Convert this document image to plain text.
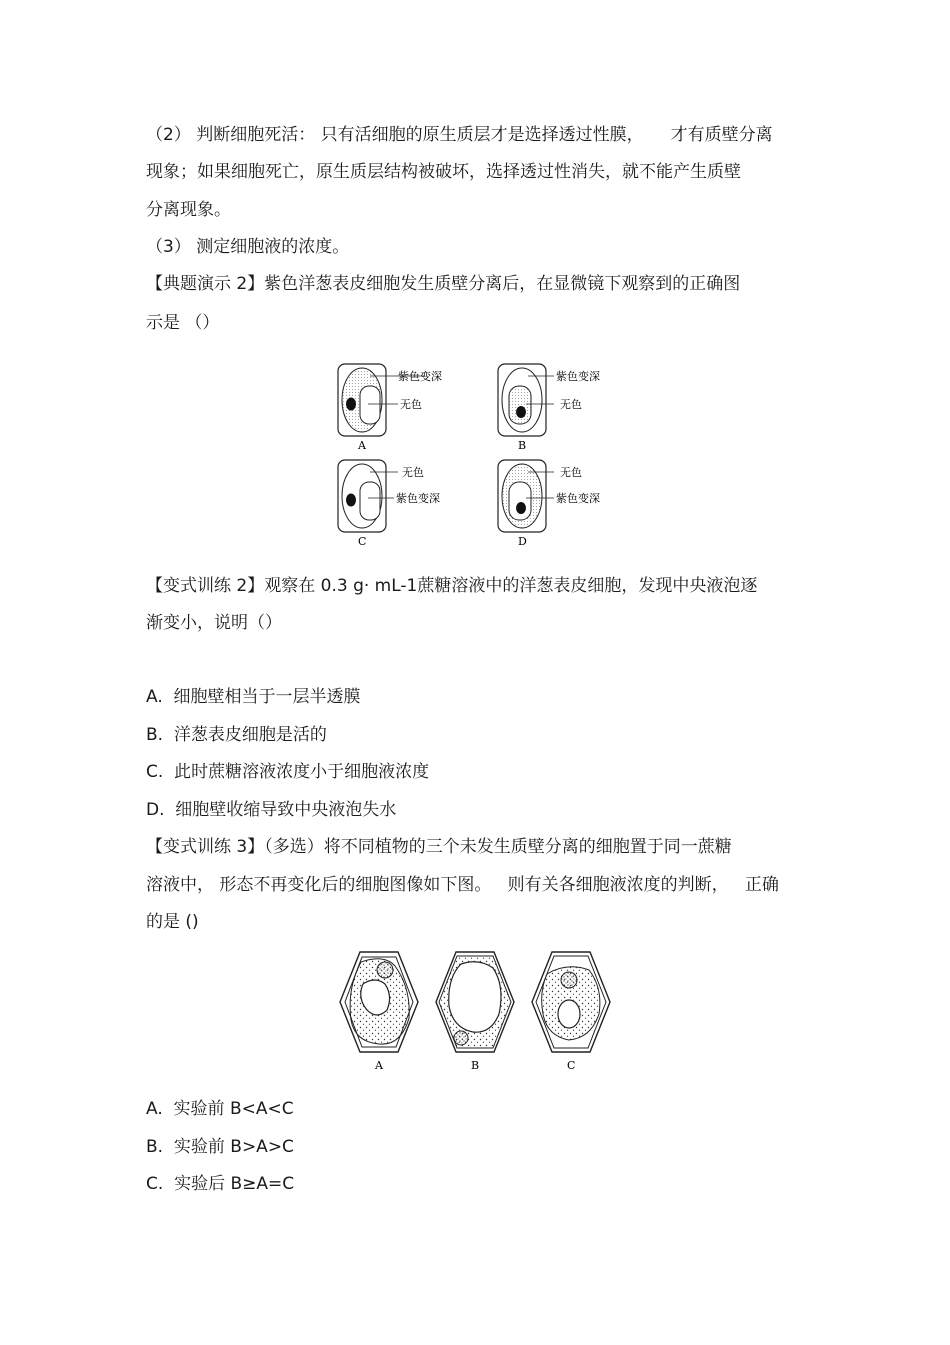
（2） 判断细胞死活： 只有活细胞的原生质层才是选择透过性膜，     才有质壁分离
现象；如果细胞死亡，原生质层结构被破坏，选择透过性消失，就不能产生质壁
分离现象。
（3） 测定细胞液的浓度。
【典题演示 2】紫色洋葱表皮细胞发生质壁分离后，在显微镜下观察到的正确图
示是 （）
紫色变深
无色
A
紫色变深
无色
B
无色
紫色变深
C
无色
紫色变深
D
【变式训练 2】观察在 0.3 g· mL-1蔗糖溶液中的洋葱表皮细胞，发现中央液泡逐
渐变小，说明（）
A.  细胞壁相当于一层半透膜
B.  洋葱表皮细胞是活的
C.  此时蔗糖溶液浓度小于细胞液浓度
D.  细胞壁收缩导致中央液泡失水
【变式训练 3】（多选）将不同植物的三个未发生质壁分离的细胞置于同一蔗糖
溶液中， 形态不再变化后的细胞图像如下图。   则有关各细胞液浓度的判断，   正确
的是 ()
A	B	C
A.  实验前 B<A<C
B.  实验前 B>A>C
C.  实验后 B≥A=C
